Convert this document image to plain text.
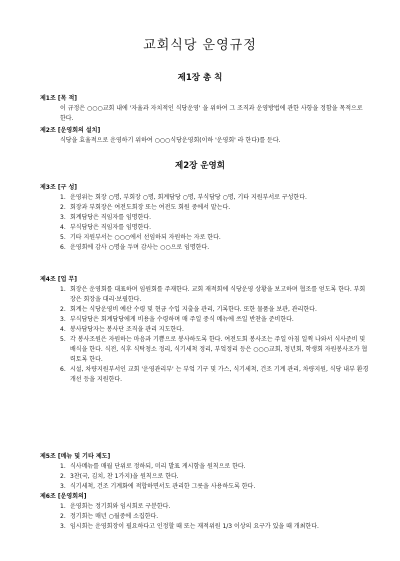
교회식당 운영규정
제1장 총 칙
제1조 [목 적]
이 규정은 ○○○교회 내에 '자율과 자치적인 식당운영' 을 위하여 그 조직과 운영방법에 관한 사항을 정함을 목적으로 한다.
제2조 [운영회의 설치]
식당을 효율적으로 운영하기 위하여 ○○○식당운영회(이하 '운영회' 라 한다)를 둔다.
제2장 운영회
제3조 [구 성]
1. 운영위는 회장 ○명, 부회장 ○명, 회계담당 ○명, 부식담당 ○명, 기타 지원부서로 구성한다.
2. 회장과 부회장은 여전도회장 또는 여전도 회원 중에서 맡는다.
3. 회계담당은 직임자를 임명한다.
4. 부식담당은 직임자를 임명한다.
5. 기타 지원부서는 ○○○에서 선임하되 자원하는 자로 한다.
6. 운영회에 감사 ○명을 두며 감사는 ○○으로 임명한다.
제4조 [업 무]
1. 회장은 운영회를 대표하며 임원회를 주재한다. 교회 재적회에 식당운영 상황을 보고하며 협조를 얻도록 한다. 부회장은 회장을 대리·보필한다.
2. 회계는 식당운영비 예산 수령 및 현금 수입 지출을 관리, 기록한다. 또한 물품을 보관, 관리한다.
3. 부식담당은 회계담당에게 비용을 수령하며 매 주일 중식 메뉴에 쓰일 반찬을 준비한다.
4. 봉사담당자는 봉사단 조직을 관리 지도한다.
5. 각 봉사조원은 자원하는 마음과 기쁨으로 봉사하도록 한다. 여전도회 봉사조는 주일 아침 일찍 나와서 식사준비 및 배식을 한다. 식전, 식후 식탁청소 정리, 식기세척 정리, 부엌정리 등은 ○○○교회, 청년회, 학생회 자원봉사조가 협력토록 한다.
6. 시설, 차량지원부서인 교회 '운영관리부' 는 부엌 기구 및 가스, 식기세척, 건조 기계 관리, 차량지원, 식당 내부 환경 개선 등을 지원한다.
제5조 [메뉴 및 기타 제도]
1. 식사메뉴를 매월 단위로 정하되, 미리 발표 게시함을 원칙으로 한다.
2. 3찬(국, 김치, 찬 1가지)을 원칙으로 한다.
3. 식기세척, 건조 기계화에 적합하면서도 관리한 그릇을 사용하도록 한다.
제6조 [운영회의]
1. 운영회는 정기회와 임시회로 구분한다.
2. 정기회는 매년 ○월중에 소집한다.
3. 임시회는 운영회장이 필요하다고 인정할 때 또는 재적위원 1/3 이상의 요구가 있을 때 개최한다.
